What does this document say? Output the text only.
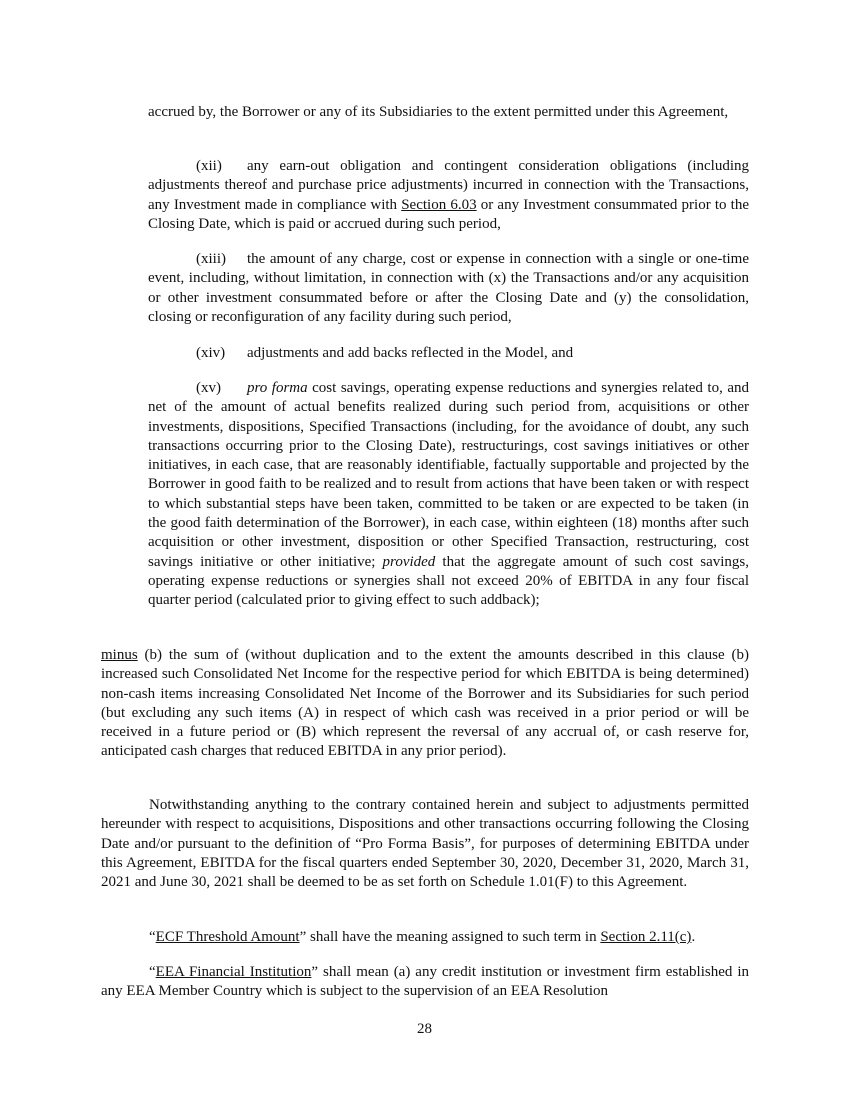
accrued by, the Borrower or any of its Subsidiaries to the extent permitted under this Agreement,

(xii) any earn-out obligation and contingent consideration obligations (including adjustments thereof and purchase price adjustments) incurred in connection with the Transactions, any Investment made in compliance with Section 6.03 or any Investment consummated prior to the Closing Date, which is paid or accrued during such period,

(xiii) the amount of any charge, cost or expense in connection with a single or one-time event, including, without limitation, in connection with (x) the Transactions and/or any acquisition or other investment consummated before or after the Closing Date and (y) the consolidation, closing or reconfiguration of any facility during such period,

(xiv) adjustments and add backs reflected in the Model, and

(xv) pro forma cost savings, operating expense reductions and synergies related to, and net of the amount of actual benefits realized during such period from, acquisitions or other investments, dispositions, Specified Transactions (including, for the avoidance of doubt, any such transactions occurring prior to the Closing Date), restructurings, cost savings initiatives or other initiatives, in each case, that are reasonably identifiable, factually supportable and projected by the Borrower in good faith to be realized and to result from actions that have been taken or with respect to which substantial steps have been taken, committed to be taken or are expected to be taken (in the good faith determination of the Borrower), in each case, within eighteen (18) months after such acquisition or other investment, disposition or other Specified Transaction, restructuring, cost savings initiative or other initiative; provided that the aggregate amount of such cost savings, operating expense reductions or synergies shall not exceed 20% of EBITDA in any four fiscal quarter period (calculated prior to giving effect to such addback);

minus (b) the sum of (without duplication and to the extent the amounts described in this clause (b) increased such Consolidated Net Income for the respective period for which EBITDA is being determined) non-cash items increasing Consolidated Net Income of the Borrower and its Subsidiaries for such period (but excluding any such items (A) in respect of which cash was received in a prior period or will be received in a future period or (B) which represent the reversal of any accrual of, or cash reserve for, anticipated cash charges that reduced EBITDA in any prior period).

Notwithstanding anything to the contrary contained herein and subject to adjustments permitted hereunder with respect to acquisitions, Dispositions and other transactions occurring following the Closing Date and/or pursuant to the definition of “Pro Forma Basis”, for purposes of determining EBITDA under this Agreement, EBITDA for the fiscal quarters ended September 30, 2020, December 31, 2020, March 31, 2021 and June 30, 2021 shall be deemed to be as set forth on Schedule 1.01(F) to this Agreement.

“ECF Threshold Amount” shall have the meaning assigned to such term in Section 2.11(c).

“EEA Financial Institution” shall mean (a) any credit institution or investment firm established in any EEA Member Country which is subject to the supervision of an EEA Resolution

28
